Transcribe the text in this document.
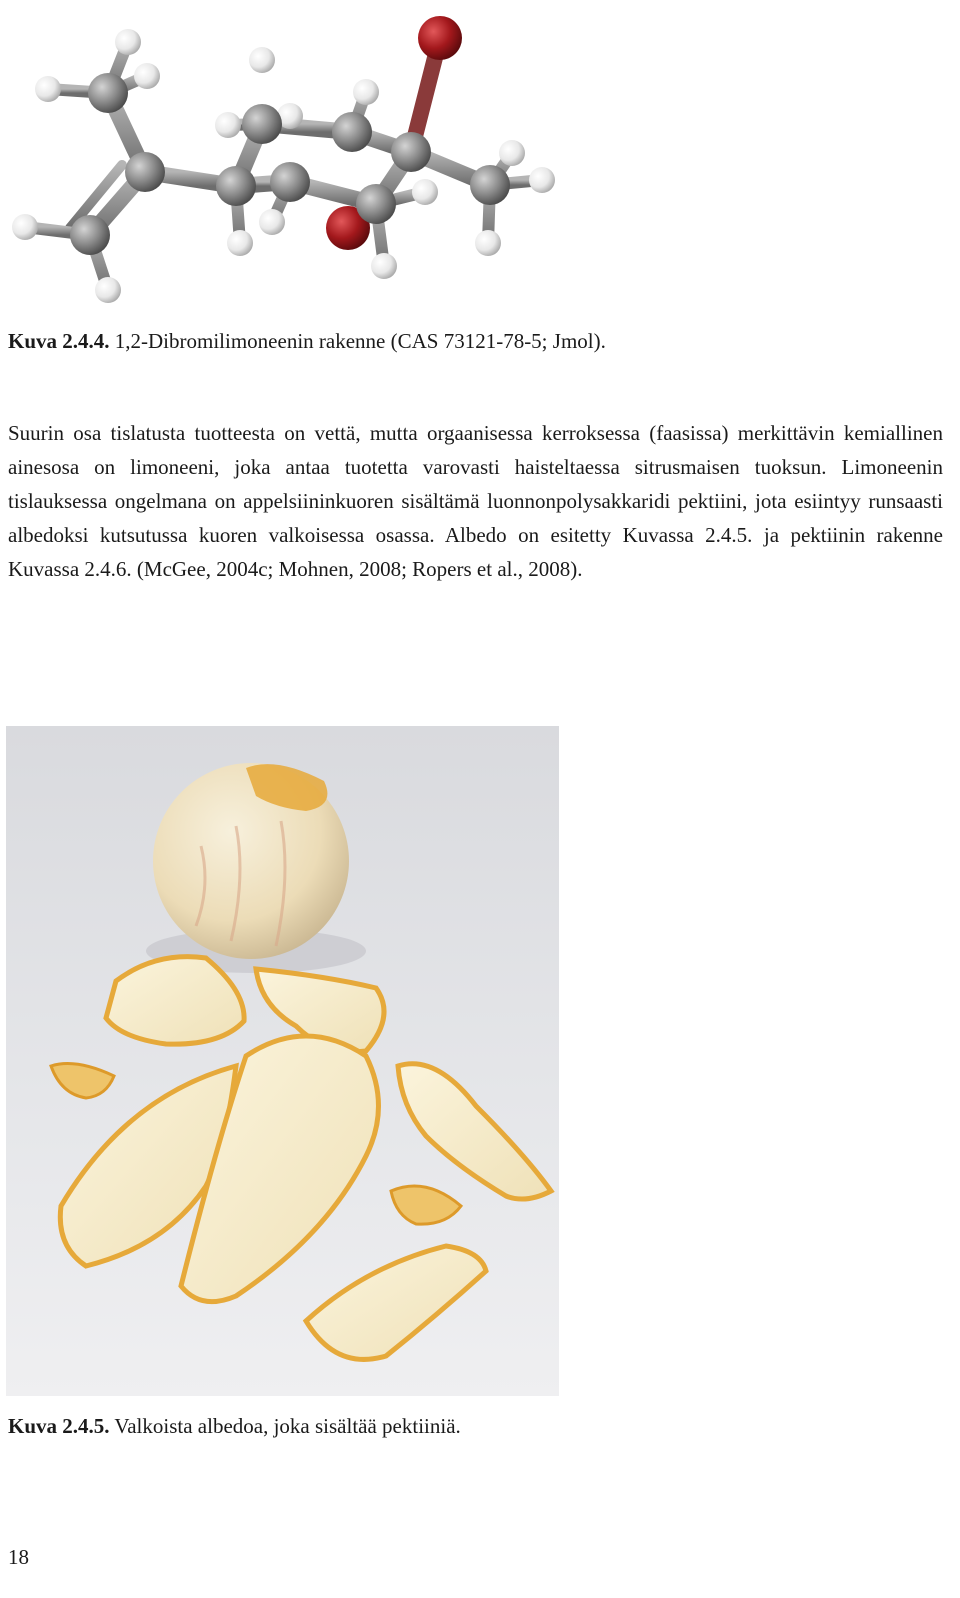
Kuva 2.4.4. 1,2-Dibromilimoneenin rakenne (CAS 73121-78-5; Jmol).
Suurin osa tislatusta tuotteesta on vettä, mutta orgaanisessa kerroksessa (faasissa) merkittävin kemiallinen ainesosa on limoneeni, joka antaa tuotetta varovasti haisteltaessa sitrusmaisen tuoksun. Limoneenin tislauksessa ongelmana on appelsiininkuoren sisältämä luonnonpolysakkaridi pektiini, jota esiintyy runsaasti albedoksi kutsutussa kuoren valkoisessa osassa. Albedo on esitetty Kuvassa 2.4.5. ja pektiinin rakenne Kuvassa 2.4.6. (McGee, 2004c; Mohnen, 2008; Ropers et al., 2008).
Kuva 2.4.5. Valkoista albedoa, joka sisältää pektiiniä.
18
